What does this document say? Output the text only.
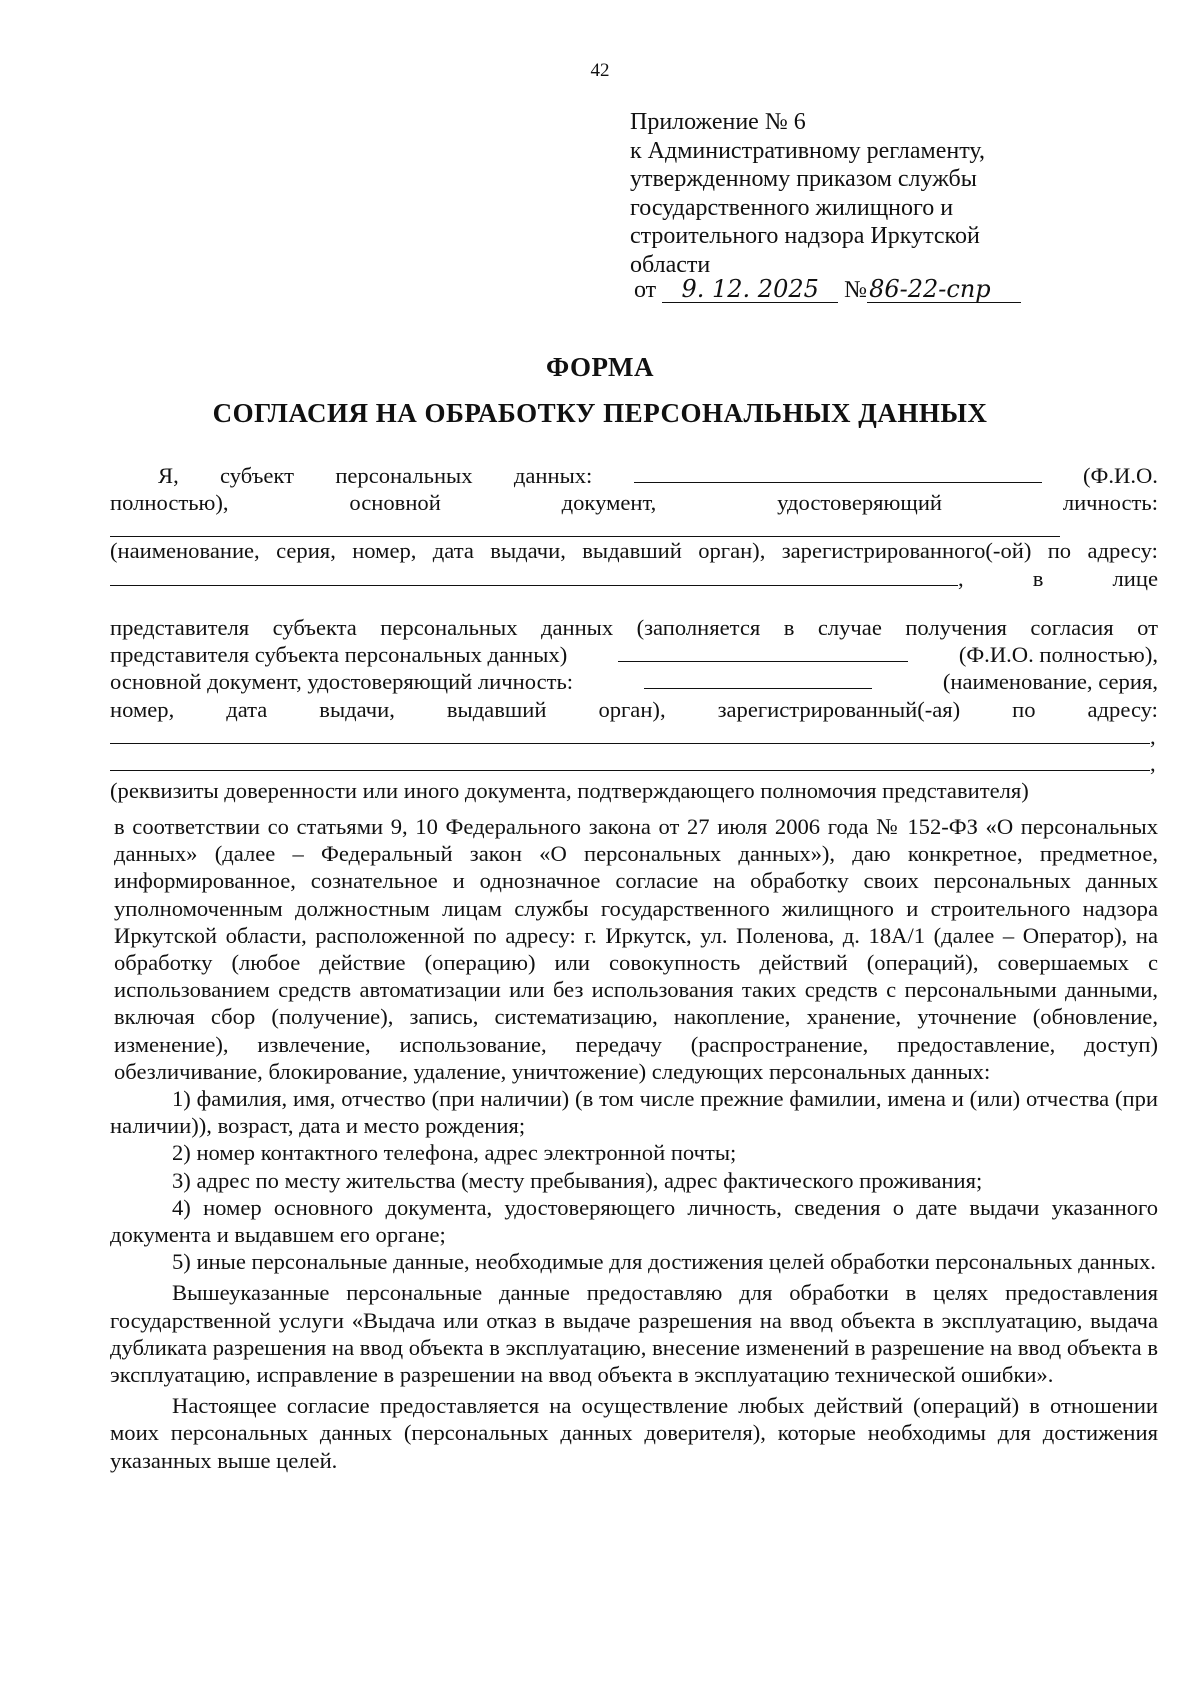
42
Приложение № 6
к Административному регламенту,
утвержденному приказом службы
государственного жилищного и
строительного надзора Иркутской
области
от 9. 12. 2025 №86-22-спр
ФОРМА
СОГЛАСИЯ НА ОБРАБОТКУ ПЕРСОНАЛЬНЫХ ДАННЫХ
Я, субъект персональных данных:	(Ф.И.О.
полностью),	основной	документ,	удостоверяющий	личность:
(наименование, серия, номер, дата выдачи, выдавший орган), зарегистрированного(-ой) по адресу:
,	в	лице
представителя субъекта персональных данных (заполняется в случае получения согласия от
представителя субъекта персональных данных)	(Ф.И.О. полностью),
основной документ, удостоверяющий личность:	(наименование, серия,
номер, дата выдачи, выдавший орган), зарегистрированный(-ая) по адресу:
,
,
(реквизиты доверенности или иного документа, подтверждающего полномочия представителя)
в соответствии со статьями 9, 10 Федерального закона от 27 июля 2006 года № 152-ФЗ «О персональных данных» (далее – Федеральный закон «О персональных данных»), даю конкретное, предметное, информированное, сознательное и однозначное согласие на обработку своих персональных данных уполномоченным должностным лицам службы государственного жилищного и строительного надзора Иркутской области, расположенной по адресу: г. Иркутск, ул. Поленова, д. 18А/1 (далее – Оператор), на обработку (любое действие (операцию) или совокупность действий (операций), совершаемых с использованием средств автоматизации или без использования таких средств с персональными данными, включая сбор (получение), запись, систематизацию, накопление, хранение, уточнение (обновление, изменение), извлечение, использование, передачу (распространение, предоставление, доступ) обезличивание, блокирование, удаление, уничтожение) следующих персональных данных:
1) фамилия, имя, отчество (при наличии) (в том числе прежние фамилии, имена и (или) отчества (при наличии)), возраст, дата и место рождения;
2) номер контактного телефона, адрес электронной почты;
3) адрес по месту жительства (месту пребывания), адрес фактического проживания;
4) номер основного документа, удостоверяющего личность, сведения о дате выдачи указанного документа и выдавшем его органе;
5) иные персональные данные, необходимые для достижения целей обработки персональных данных.
Вышеуказанные персональные данные предоставляю для обработки в целях предоставления государственной услуги «Выдача или отказ в выдаче разрешения на ввод объекта в эксплуатацию, выдача дубликата разрешения на ввод объекта в эксплуатацию, внесение изменений в разрешение на ввод объекта в эксплуатацию, исправление в разрешении на ввод объекта в эксплуатацию технической ошибки».
Настоящее согласие предоставляется на осуществление любых действий (операций) в отношении моих персональных данных (персональных данных доверителя), которые необходимы для достижения указанных выше целей.
